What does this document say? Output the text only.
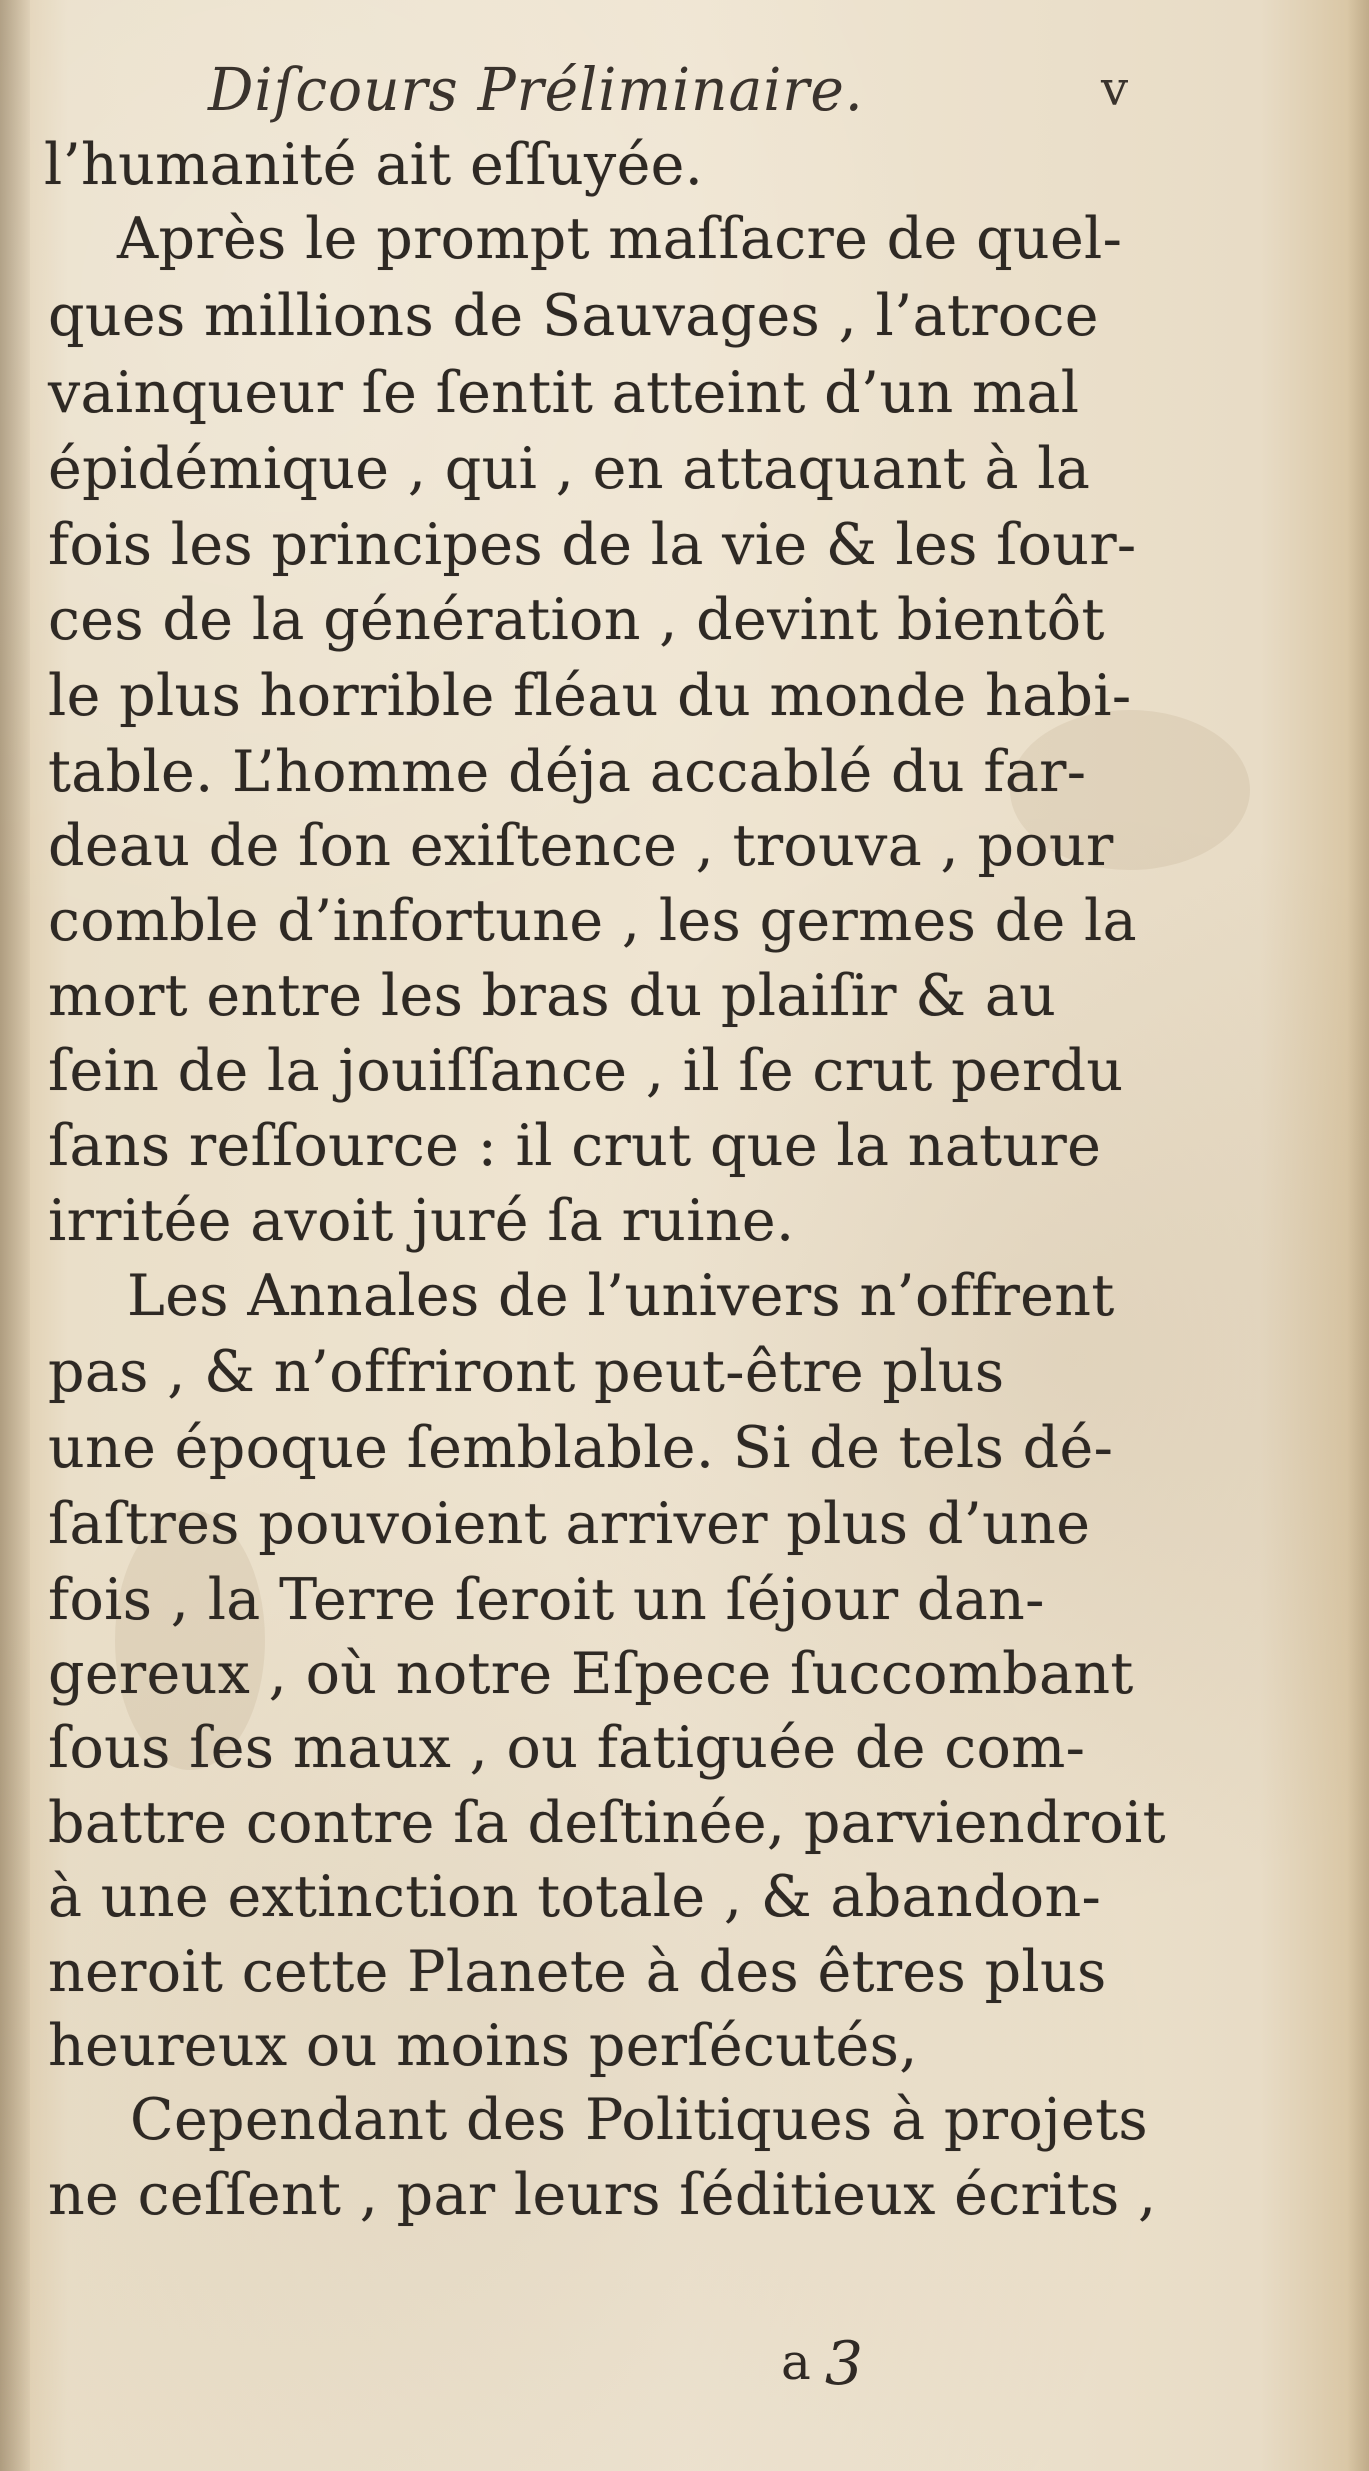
Diſcours Préliminaire.	v
l’humanité ait eſſuyée.
Après le prompt maſſacre de quel-
ques millions de Sauvages , l’atroce
vainqueur ſe ſentit atteint d’un mal
épidémique , qui , en attaquant à la
fois les principes de la vie & les ſour-
ces de la génération , devint bientôt
le plus horrible fléau du monde habi-
table. L’homme déja accablé du far-
deau de ſon exiſtence , trouva , pour
comble d’infortune , les germes de la
mort entre les bras du plaiſir & au
ſein de la jouiſſance , il ſe crut perdu
ſans reſſource : il crut que la nature
irritée avoit juré ſa ruine.
Les Annales de l’univers n’offrent
pas , & n’offriront peut-être plus
une époque ſemblable. Si de tels dé-
ſaſtres pouvoient arriver plus d’une
fois , la Terre ſeroit un ſéjour dan-
gereux , où notre Eſpece ſuccombant
ſous ſes maux , ou fatiguée de com-
battre contre ſa deſtinée, parviendroit
à une extinction totale , & abandon-
neroit cette Planete à des êtres plus
heureux ou moins perſécutés,
Cependant des Politiques à projets
ne ceſſent , par leurs ſéditieux écrits ,
a 3
